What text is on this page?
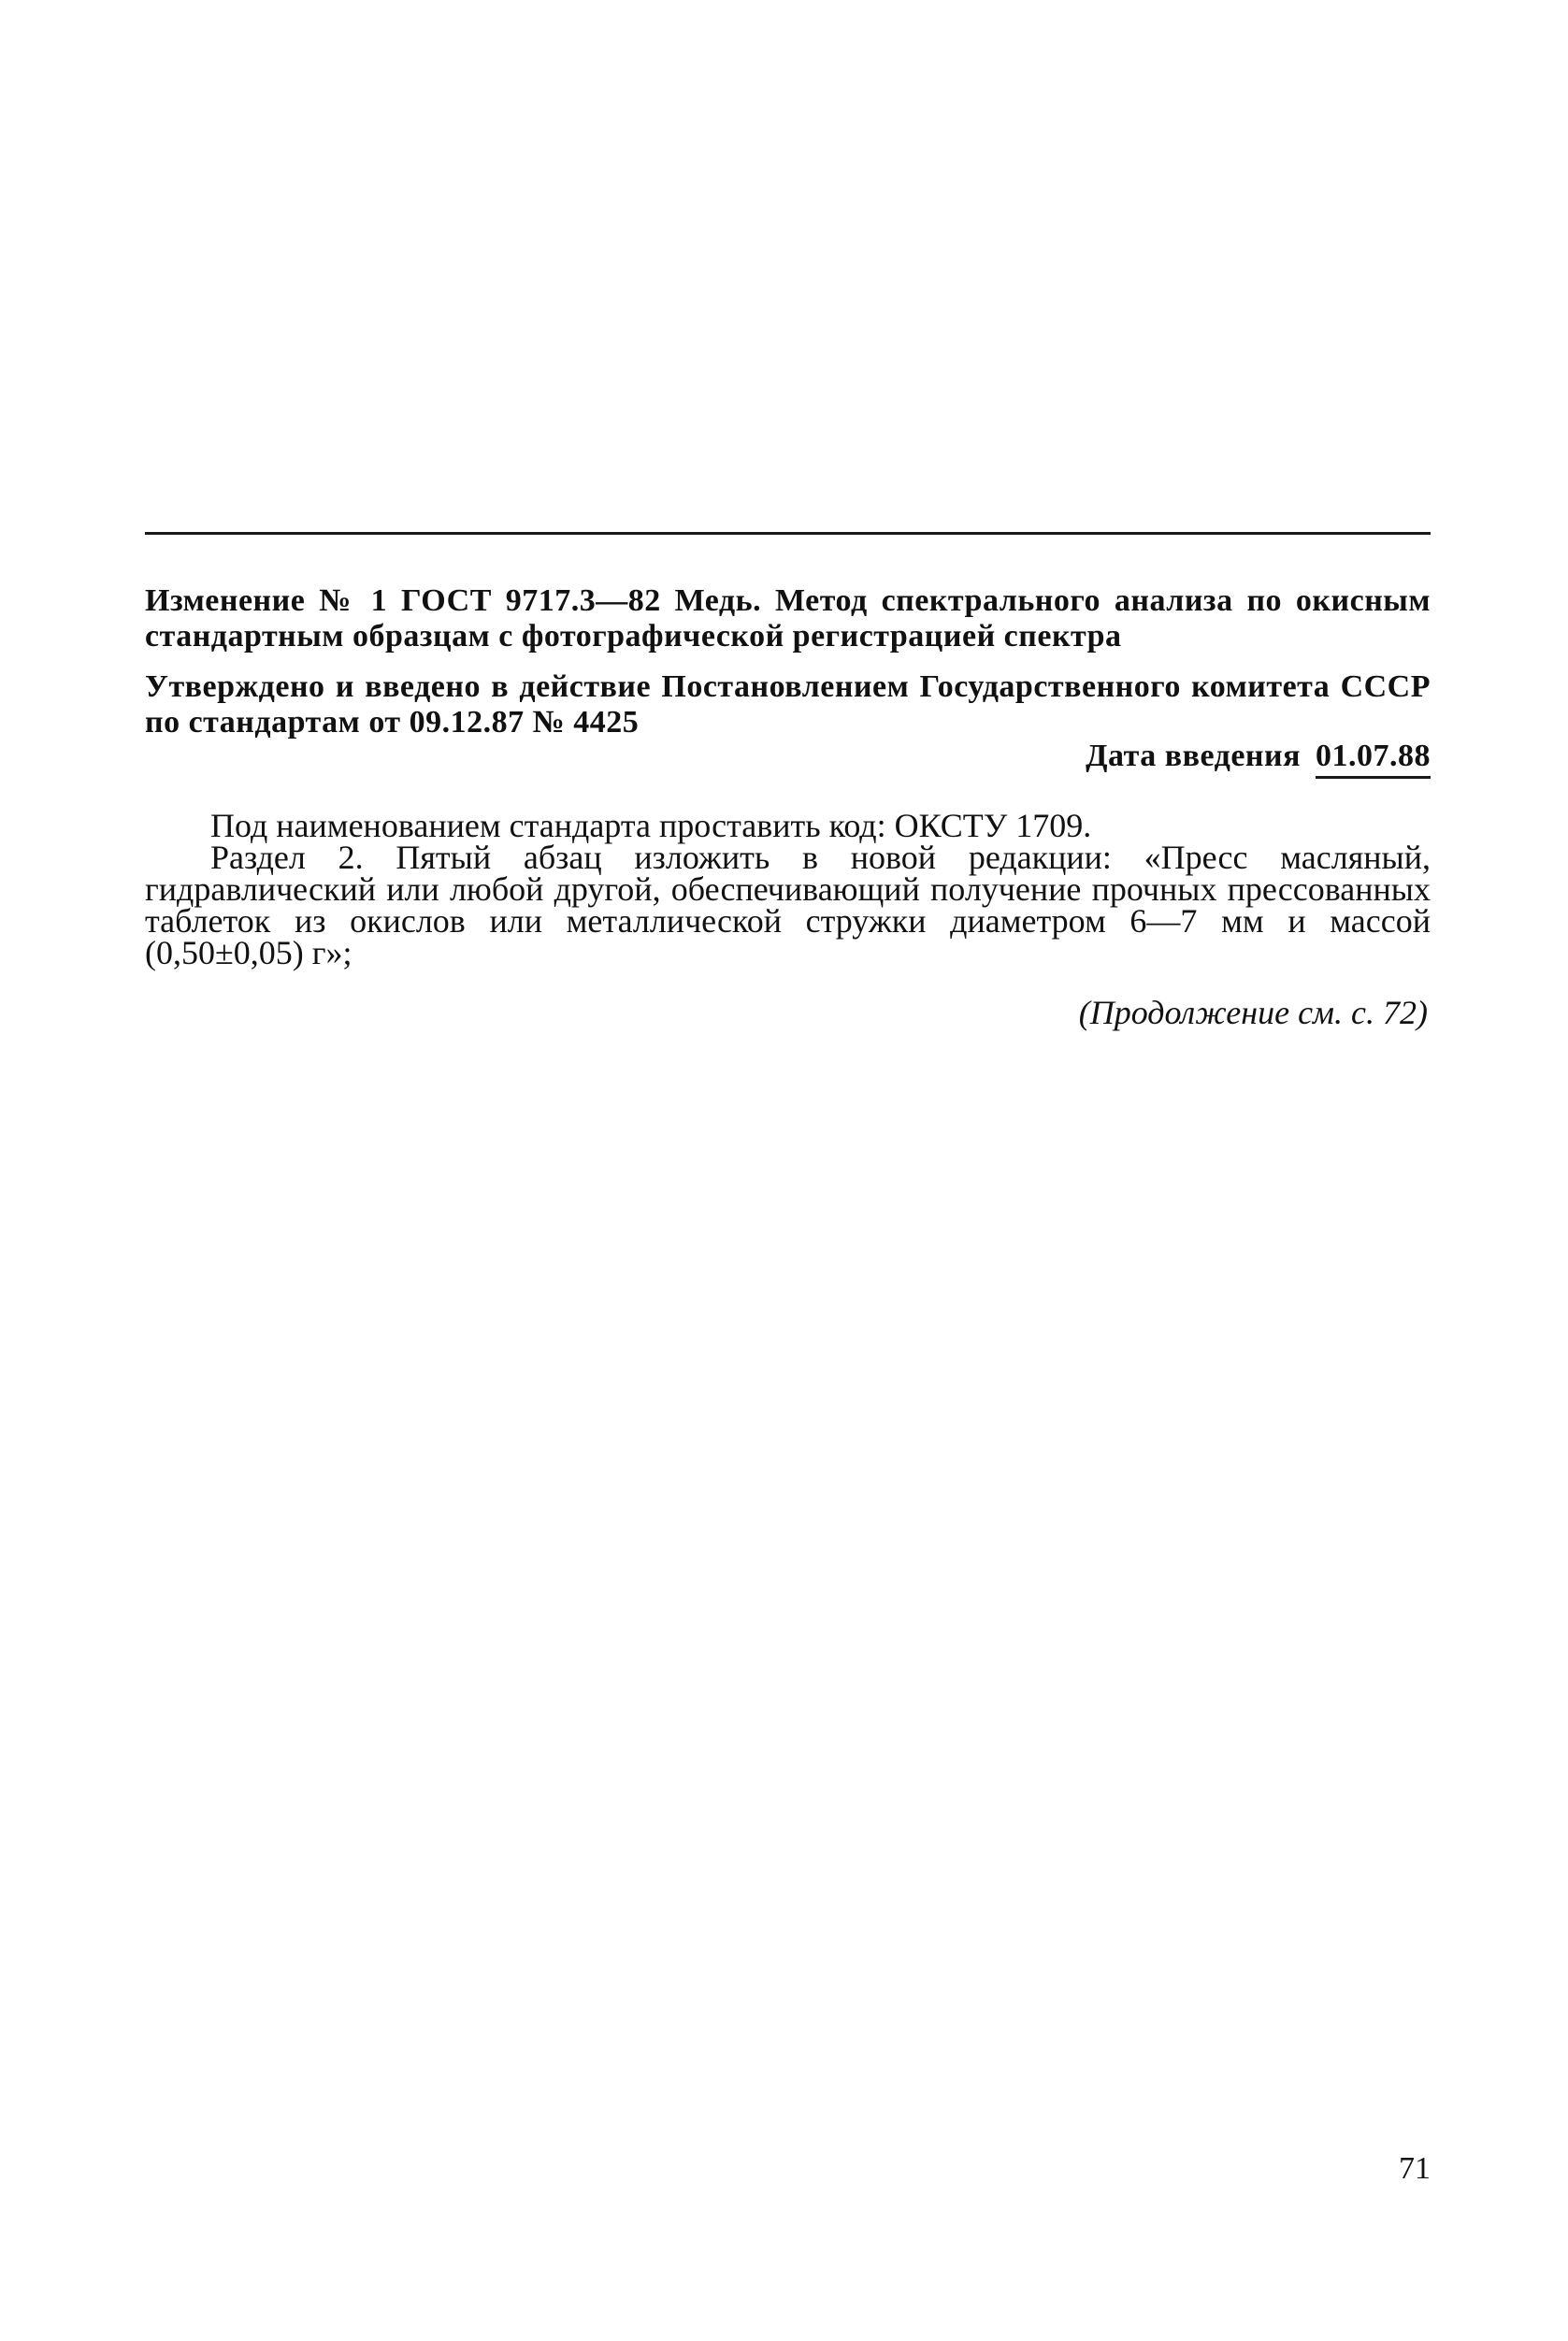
Изменение № 1 ГОСТ 9717.3—82 Медь. Метод спектрального анализа по окисным стандартным образцам с фотографической регистрацией спектра
Утверждено и введено в действие Постановлением Государственного комитета СССР по стандартам от 09.12.87 № 4425
Дата введения 01.07.88

Под наименованием стандарта проставить код: ОКСТУ 1709.

Раздел 2. Пятый абзац изложить в новой редакции: «Пресс масляный, гидравлический или любой другой, обеспечивающий получение прочных прессованных таблеток из окислов или металлической стружки диаметром 6—7 мм и массой (0,50±0,05) г»;

(Продолжение см. с. 72)
71
